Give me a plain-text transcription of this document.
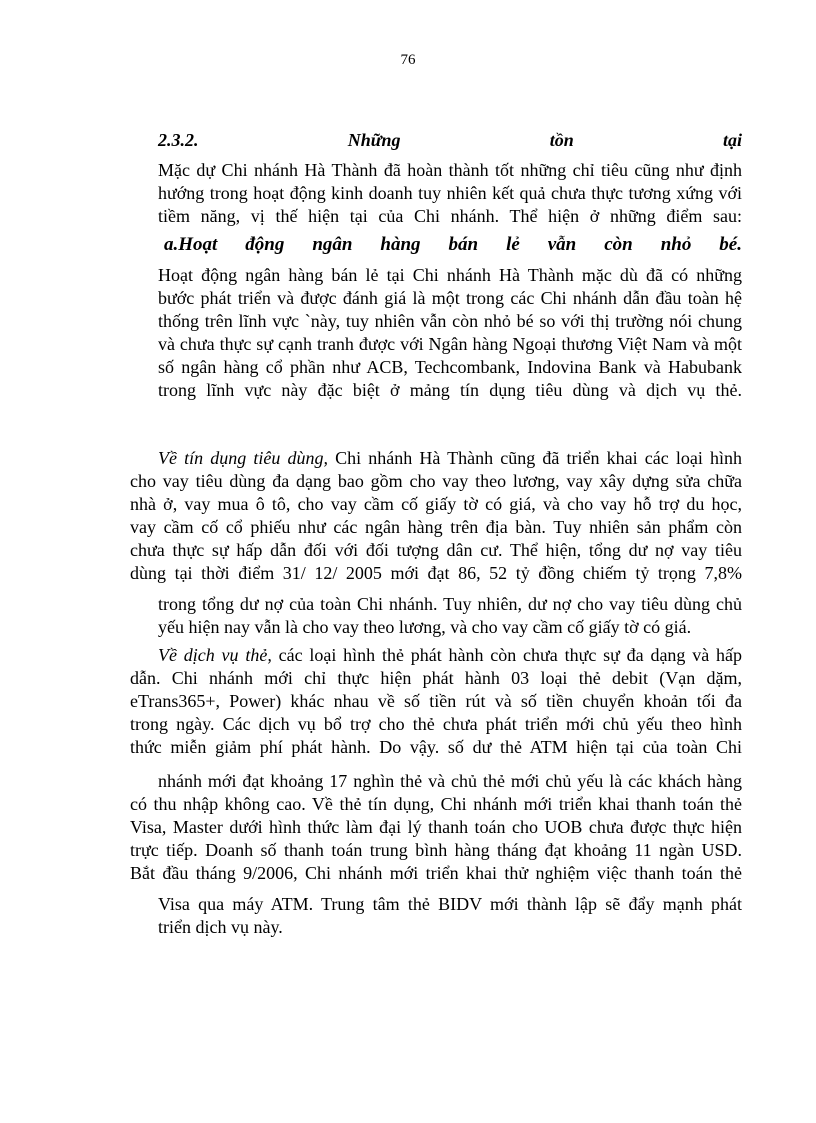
76
2.3.2.	Những	tồn	tại
Mặc dự Chi nhánh Hà Thành đã hoàn thành tốt những chỉ tiêu cũng như định
hướng trong hoạt động kinh doanh tuy nhiên kết quả chưa thực tương xứng với
tiềm năng, vị thế hiện tại của Chi nhánh. Thể hiện ở những điểm sau:
a.Hoạt động ngân hàng bán lẻ vẫn còn nhỏ bé.
Hoạt động ngân hàng bán lẻ tại Chi nhánh Hà Thành mặc dù đã có những
bước phát triển và được đánh giá là một trong các Chi nhánh dẫn đầu toàn hệ
thống trên lĩnh vực `này, tuy nhiên vẫn còn nhỏ bé so với thị trường nói chung
và chưa thực sự cạnh tranh được với Ngân hàng Ngoại thương Việt Nam và một
số ngân hàng cổ phần như ACB, Techcombank, Indovina Bank và Habubank
trong lĩnh vực này đặc biệt ở mảng tín dụng tiêu dùng và dịch vụ thẻ.
Về tín dụng tiêu dùng, Chi nhánh Hà Thành cũng đã triển khai các loại hình
cho vay tiêu dùng đa dạng bao gồm cho vay theo lương, vay xây dựng sửa chữa
nhà ở, vay mua ô tô, cho vay cầm cố giấy tờ có giá, và cho vay hỗ trợ du học,
vay cầm cố cổ phiếu như các ngân hàng trên địa bàn. Tuy nhiên sản phẩm còn
chưa thực sự hấp dẫn đối với đối tượng dân cư. Thể hiện, tổng dư nợ vay tiêu
dùng tại thời điểm 31/ 12/ 2005 mới đạt 86, 52 tỷ đồng chiếm tỷ trọng 7,8%
trong tổng dư nợ của toàn Chi nhánh. Tuy nhiên, dư nợ cho vay tiêu dùng chủ
yếu hiện nay vẫn là cho vay theo lương, và cho vay cầm cố giấy tờ có giá.
Về dịch vụ thẻ, các loại hình thẻ phát hành còn chưa thực sự đa dạng và hấp
dẫn. Chi nhánh mới chỉ thực hiện phát hành 03 loại thẻ debit (Vạn dặm,
eTrans365+, Power) khác nhau về số tiền rút và số tiền chuyển khoản tối đa
trong ngày. Các dịch vụ bổ trợ cho thẻ chưa phát triển mới chủ yếu theo hình
thức miễn giảm phí phát hành. Do vậy. số dư thẻ ATM hiện tại của toàn Chi
nhánh mới đạt khoảng 17 nghìn thẻ và chủ thẻ mới chủ yếu là các khách hàng
có thu nhập không cao. Về thẻ tín dụng, Chi nhánh mới triển khai thanh toán thẻ
Visa, Master dưới hình thức làm đại lý thanh toán cho UOB chưa được thực hiện
trực tiếp. Doanh số thanh toán trung bình hàng tháng đạt khoảng 11 ngàn USD.
Bắt đầu tháng 9/2006, Chi nhánh mới triển khai thử nghiệm việc thanh toán thẻ
Visa qua máy ATM. Trung tâm thẻ BIDV mới thành lập sẽ đẩy mạnh phát
triển dịch vụ này.
